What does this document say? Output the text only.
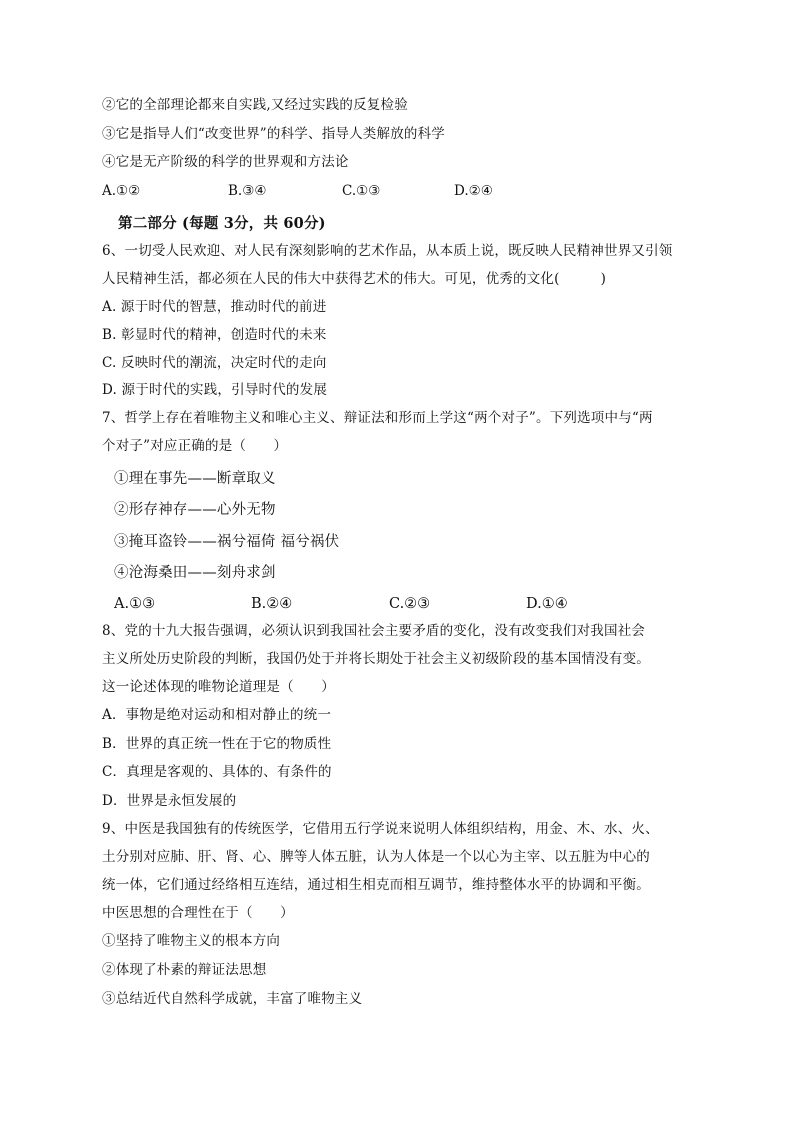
②它的全部理论都来自实践,又经过实践的反复检验
③它是指导人们“改变世界”的科学、指导人类解放的科学
④它是无产阶级的科学的世界观和方法论
A.①②	B.③④	C.①③	D.②④
第二部分 (每题 3分，共 60分)
6、一切受人民欢迎、对人民有深刻影响的艺术作品，从本质上说，既反映人民精神世界又引领
人民精神生活，都必须在人民的伟大中获得艺术的伟大。可见，优秀的文化(　　　)
A. 源于时代的智慧，推动时代的前进
B. 彰显时代的精神，创造时代的未来
C. 反映时代的潮流，决定时代的走向
D. 源于时代的实践，引导时代的发展
7、哲学上存在着唯物主义和唯心主义、辩证法和形而上学这“两个对子”。下列选项中与“两
个对子”对应正确的是（　　）
①理在事先——断章取义
②形存神存——心外无物
③掩耳盗铃——祸兮福倚 福兮祸伏
④沧海桑田——刻舟求剑
A.①③	B.②④	C.②③	D.①④
8、党的十九大报告强调，必须认识到我国社会主要矛盾的变化，没有改变我们对我国社会
主义所处历史阶段的判断，我国仍处于并将长期处于社会主义初级阶段的基本国情没有变。
这一论述体现的唯物论道理是（　　）
A．事物是绝对运动和相对静止的统一
B．世界的真正统一性在于它的物质性
C．真理是客观的、具体的、有条件的
D．世界是永恒发展的
9、中医是我国独有的传统医学，它借用五行学说来说明人体组织结构，用金、木、水、火、
土分别对应肺、肝、肾、心、脾等人体五脏，认为人体是一个以心为主宰、以五脏为中心的
统一体，它们通过经络相互连结，通过相生相克而相互调节，维持整体水平的协调和平衡。
中医思想的合理性在于（　　）
①坚持了唯物主义的根本方向
②体现了朴素的辩证法思想
③总结近代自然科学成就，丰富了唯物主义
